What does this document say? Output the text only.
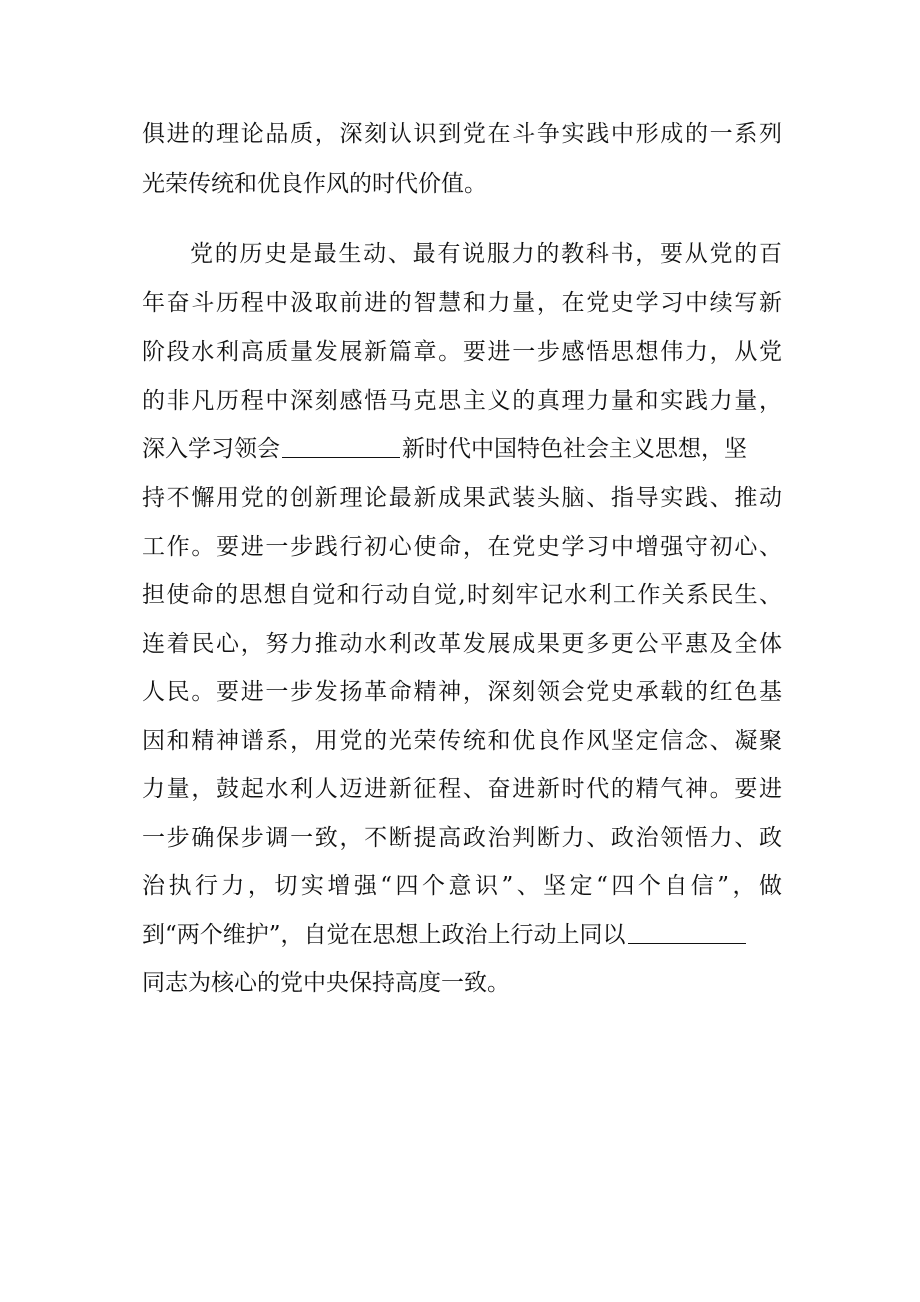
俱进的理论品质，深刻认识到党在斗争实践中形成的一系列
光荣传统和优良作风的时代价值。
党的历史是最生动、最有说服力的教科书，要从党的百
年奋斗历程中汲取前进的智慧和力量，在党史学习中续写新
阶段水利高质量发展新篇章。要进一步感悟思想伟力，从党
的非凡历程中深刻感悟马克思主义的真理力量和实践力量，
深入学习领会	新时代中国特色社会主义思想，坚
持不懈用党的创新理论最新成果武装头脑、指导实践、推动
工作。要进一步践行初心使命，在党史学习中增强守初心、
担使命的思想自觉和行动自觉,时刻牢记水利工作关系民生、
连着民心，努力推动水利改革发展成果更多更公平惠及全体
人民。要进一步发扬革命精神，深刻领会党史承载的红色基
因和精神谱系，用党的光荣传统和优良作风坚定信念、凝聚
力量，鼓起水利人迈进新征程、奋进新时代的精气神。要进
一步确保步调一致，不断提高政治判断力、政治领悟力、政
治执行力，切实增强“四个意识”、坚定“四个自信”，做
到“两个维护”，自觉在思想上政治上行动上同以
同志为核心的党中央保持高度一致。
